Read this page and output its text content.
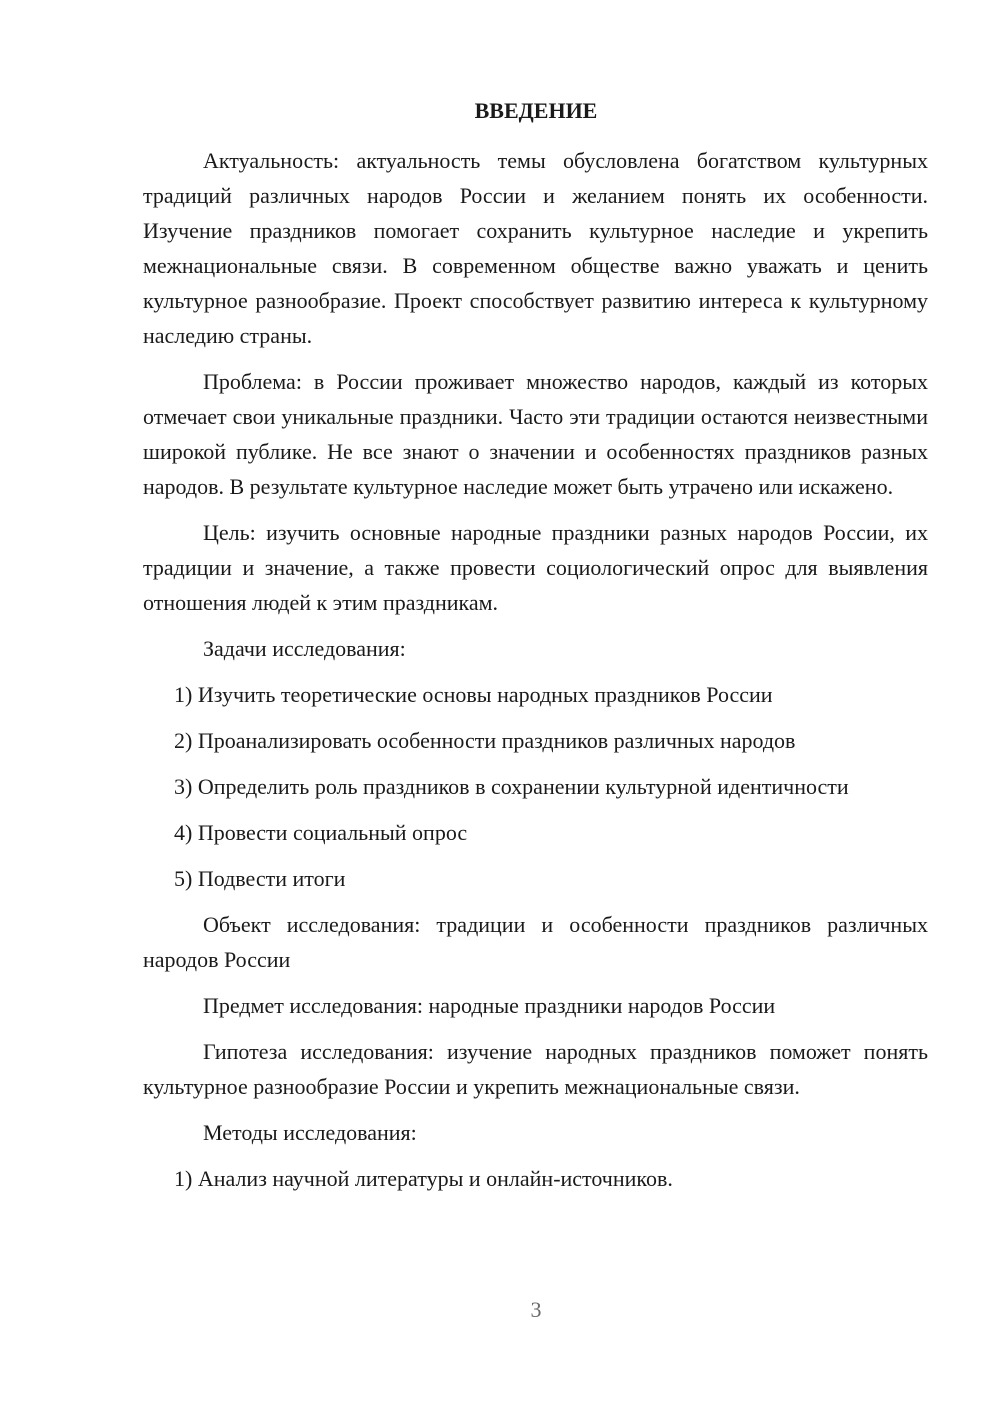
ВВЕДЕНИЕ

Актуальность: актуальность темы обусловлена богатством культурных традиций различных народов России и желанием понять их особенности. Изучение праздников помогает сохранить культурное наследие и укрепить межнациональные связи. В современном обществе важно уважать и ценить культурное разнообразие. Проект способствует развитию интереса к культурному наследию страны.

Проблема: в России проживает множество народов, каждый из которых отмечает свои уникальные праздники. Часто эти традиции остаются неизвестными широкой публике. Не все знают о значении и особенностях праздников разных народов. В результате культурное наследие может быть утрачено или искажено.

Цель: изучить основные народные праздники разных народов России, их традиции и значение, а также провести социологический опрос для выявления отношения людей к этим праздникам.

Задачи исследования:

1) Изучить теоретические основы народных праздников России

2) Проанализировать особенности праздников различных народов

3) Определить роль праздников в сохранении культурной идентичности

4) Провести социальный опрос

5) Подвести итоги

Объект исследования: традиции и особенности праздников различных народов России

Предмет исследования: народные праздники народов России

Гипотеза исследования: изучение народных праздников поможет понять культурное разнообразие России и укрепить межнациональные связи.

Методы исследования:

1) Анализ научной литературы и онлайн-источников.

3
